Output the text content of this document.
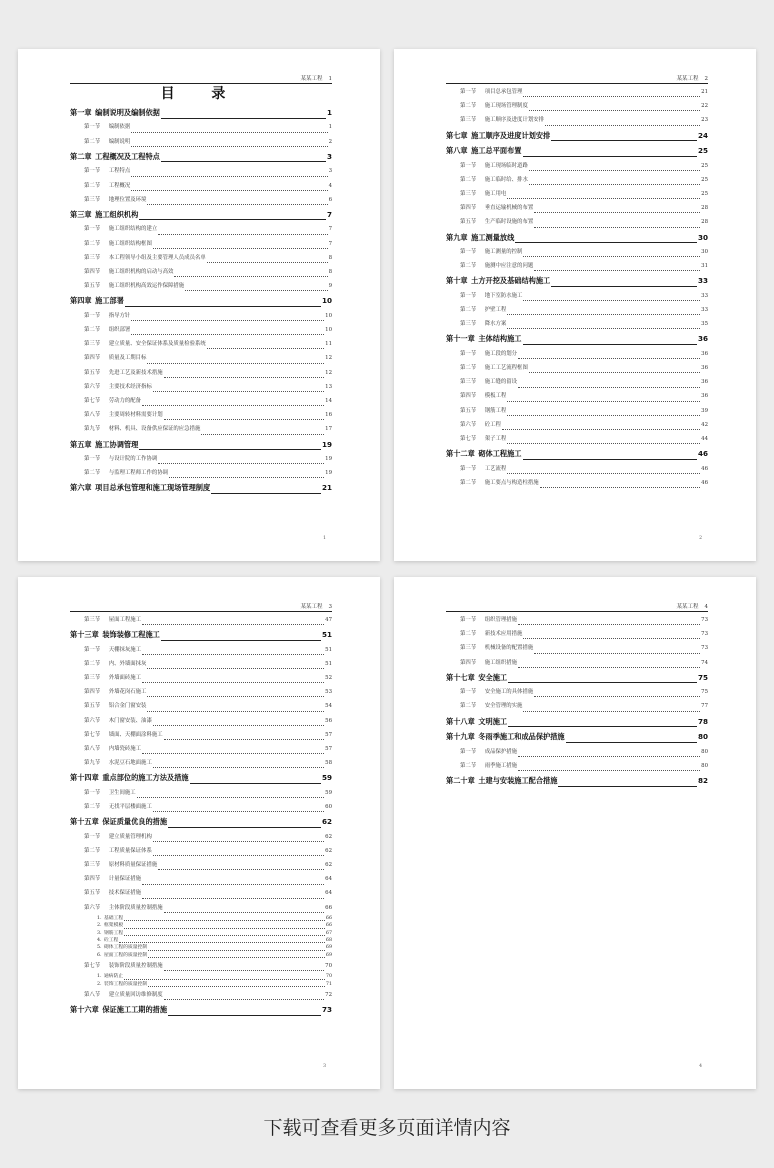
某某工程 1
目 录
第一章  编制说明及编制依据	1
第一节  编制依据	1
第二节  编制说明	2
第二章  工程概况及工程特点	3
第一节  工程特点	3
第二节  工程概况	4
第三节  地理位置及环境	6
第三章  施工组织机构	7
第一节  施工组织结构的建立	7
第二节  施工组织结构框图	7
第三节  本工程领导小组及主要管理人员成员名单	8
第四节  施工组织机构的启动与高效	8
第五节  施工组织机构高效运作保障措施	9
第四章  施工部署	10
第一节  指导方针	10
第二节  组织部署	10
第三节  建立质量、安全保证体系及质量检验系统	11
第四节  质量及工期目标	12
第五节  先进工艺及新技术措施	12
第六节  主要技术经济指标	13
第七节  劳动力的配备	14
第八节  主要周转材料需要计划	16
第九节  材料、机具、设备供应保证的应急措施	17
第五章  施工协调管理	19
第一节  与设计院的工作协调	19
第二节  与监理工程师工作的协调	19
第六章  项目总承包管理和施工现场管理制度	21
1
某某工程 2
第一节  项目总承包管理	21
第二节  施工现场管理制度	22
第三节  施工顺序及进度计划安排	23
第七章  施工顺序及进度计划安排	24
第八章  施工总平面布置	25
第一节  施工现场临时道路	25
第二节  施工临时给、排水	25
第三节  施工用电	25
第四节  垂直运输机械的布置	28
第五节  生产临时设施的布置	28
第九章  施工测量放线	30
第一节  施工测量的控制	30
第二节  施测中应注意的问题	31
第十章  土方开挖及基础结构施工	33
第一节  地下室防水施工	33
第二节  护壁工程	33
第三节  降水方案	35
第十一章  主体结构施工	36
第一节  施工段的划分	36
第二节  施工工艺流程框图	36
第三节  施工缝的留设	36
第四节  模板工程	36
第五节  钢筋工程	39
第六节  砼工程	42
第七节  架子工程	44
第十二章  砌体工程施工	46
第一节  工艺流程	46
第二节  施工要点与构造柱措施	46
2
某某工程 3
第三节  屋面工程施工	47
第十三章  装饰装修工程施工	51
第一节  天棚抹灰施工	51
第二节  内、外墙面抹灰	51
第三节  外墙面砖施工	52
第四节  外墙花岗石施工	53
第五节  铝合金门窗安装	54
第六节  木门窗安装、油漆	56
第七节  墙面、天棚面涂料施工	57
第八节  内墙瓷砖施工	57
第九节  水泥豆石地面施工	58
第十四章  重点部位的施工方法及措施	59
第一节  卫生间施工	59
第二节  无找平层楼面施工	60
第十五章  保证质量优良的措施	62
第一节  建立质量管理机构	62
第二节  工程质量保证体系	62
第三节  原材料质量保证措施	62
第四节  计量保证措施	64
第五节  技术保证措施	64
第六节  主体阶段质量控制措施	66
1.  基础工程	66
2.  框架模板	66
3.  钢筋工程	67
4.  砼工程	68
5.  砌体工程的质量控制	69
6.  屋面工程的质量控制	69
第七节  装饰阶段质量控制措施	70
1.  通病防止	70
2.  装饰工程的质量控制	71
第八节  建立质量回访维修制度	72
第十六章  保证施工工期的措施	73
3
某某工程 4
第一节  组织管理措施	73
第二节  新技术应用措施	73
第三节  机械设备的配置措施	73
第四节  施工组织措施	74
第十七章  安全施工	75
第一节  安全施工的具体措施	75
第二节  安全管理的实施	77
第十八章  文明施工	78
第十九章  冬雨季施工和成品保护措施	80
第一节  成品保护措施	80
第二节  雨季施工措施	80
第二十章  土建与安装施工配合措施	82
4
下载可查看更多页面详情内容
